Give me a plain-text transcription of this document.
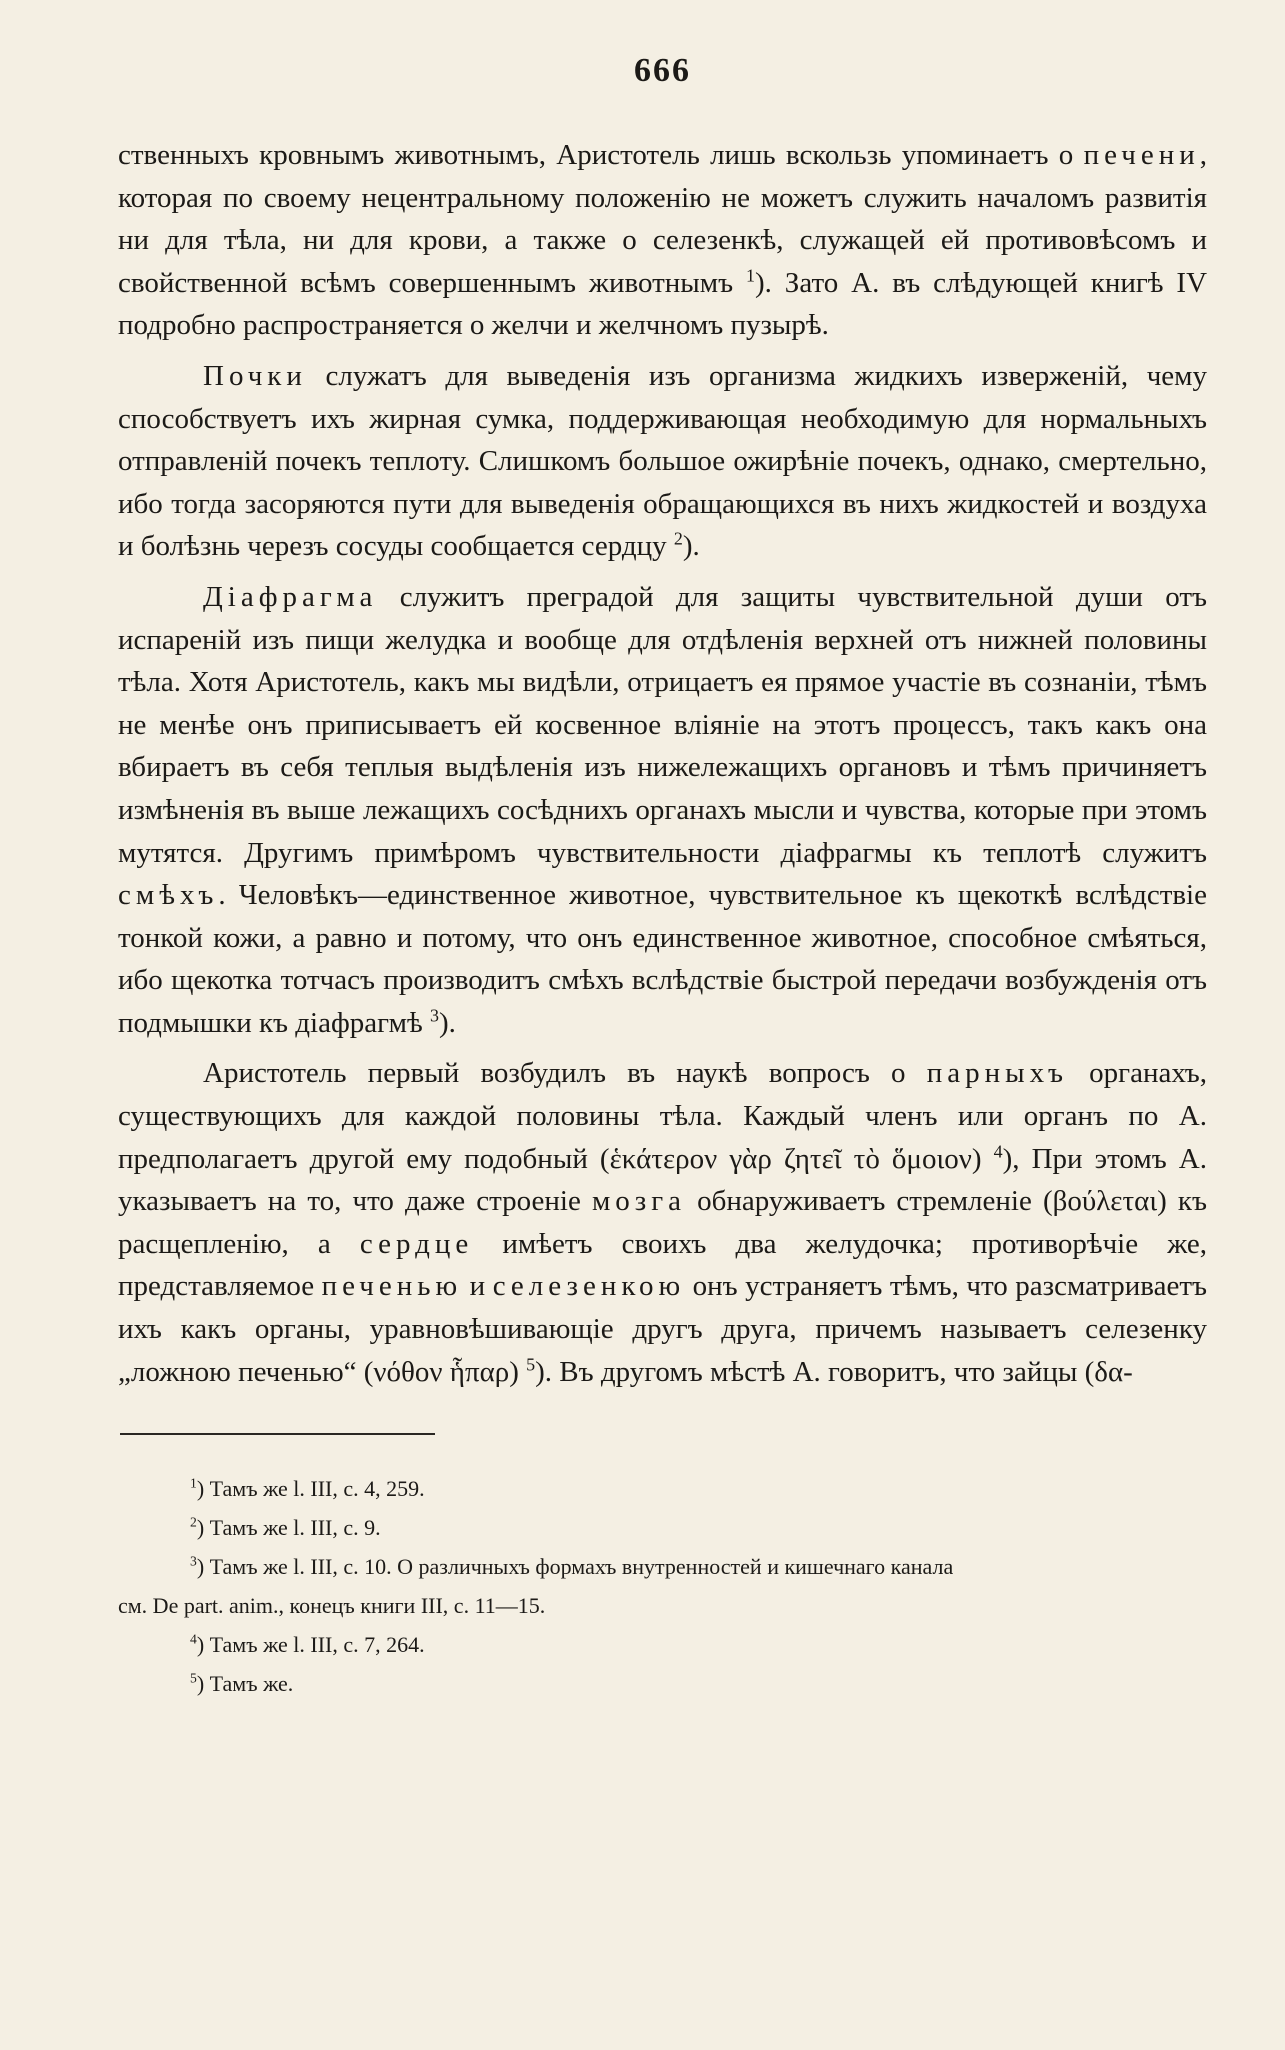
666

ственныхъ кровнымъ животнымъ, Аристотель лишь вскользь упоминаетъ о печени, которая по своему нецентральному положенію не можетъ служить началомъ развитія ни для тѣла, ни для крови, а также о селезенкѣ, служащей ей противовѣсомъ и свойственной всѣмъ совершеннымъ животнымъ $^1$). Зато А. въ слѣдующей книгѣ IV подробно распространяется о желчи и желчномъ пузырѣ.

Почки служатъ для выведенія изъ организма жидкихъ изверженій, чему способствуетъ ихъ жирная сумка, поддерживающая необходимую для нормальныхъ отправленій почекъ теплоту. Слишкомъ большое ожирѣніе почекъ, однако, смертельно, ибо тогда засоряются пути для выведенія обращающихся въ нихъ жидкостей и воздуха и болѣзнь черезъ сосуды сообщается сердцу $^2$).

Діафрагма служитъ преградой для защиты чувствительной души отъ испареній изъ пищи желудка и вообще для отдѣленія верхней отъ нижней половины тѣла. Хотя Аристотель, какъ мы видѣли, отрицаетъ ея прямое участіе въ сознаніи, тѣмъ не менѣе онъ приписываетъ ей косвенное вліяніе на этотъ процессъ, такъ какъ она вбираетъ въ себя теплыя выдѣленія изъ нижележащихъ органовъ и тѣмъ причиняетъ измѣненія въ выше лежащихъ сосѣднихъ органахъ мысли и чувства, которые при этомъ мутятся. Другимъ примѣромъ чувствительности діафрагмы къ теплотѣ служитъ смѣхъ. Человѣкъ—единственное животное, чувствительное къ щекоткѣ вслѣдствіе тонкой кожи, а равно и потому, что онъ единственное животное, способное смѣяться, ибо щекотка тотчасъ производитъ смѣхъ вслѣдствіе быстрой передачи возбужденія отъ подмышки къ діафрагмѣ $^3$).

Аристотель первый возбудилъ въ наукѣ вопросъ о парныхъ органахъ, существующихъ для каждой половины тѣла. Каждый членъ или органъ по А. предполагаетъ другой ему подобный (ἑκάτερον γὰρ ζητεῖ τὸ ὅμοιον) $^4$), При этомъ А. указываетъ на то, что даже строеніе мозга обнаруживаетъ стремленіе (βούλεται) къ расщепленію, а сердце имѣетъ своихъ два желудочка; противорѣчіе же, представляемое печенью и селезенкою онъ устраняетъ тѣмъ, что разсматриваетъ ихъ какъ органы, уравновѣшивающіе другъ друга, причемъ называетъ селезенку „ложною печенью“ (νόθον ἧπαρ) $^5$). Въ другомъ мѣстѣ А. говоритъ, что зайцы (δα-

$^1$) Тамъ же l. III, c. 4, 259.
$^2$) Тамъ же l. III, c. 9.
$^3$) Тамъ же l. III, c. 10. О различныхъ формахъ внутренностей и кишечнаго канала
см. De part. anim., конецъ книги III, c. 11—15.
$^4$) Тамъ же l. III, c. 7, 264.
$^5$) Тамъ же.
